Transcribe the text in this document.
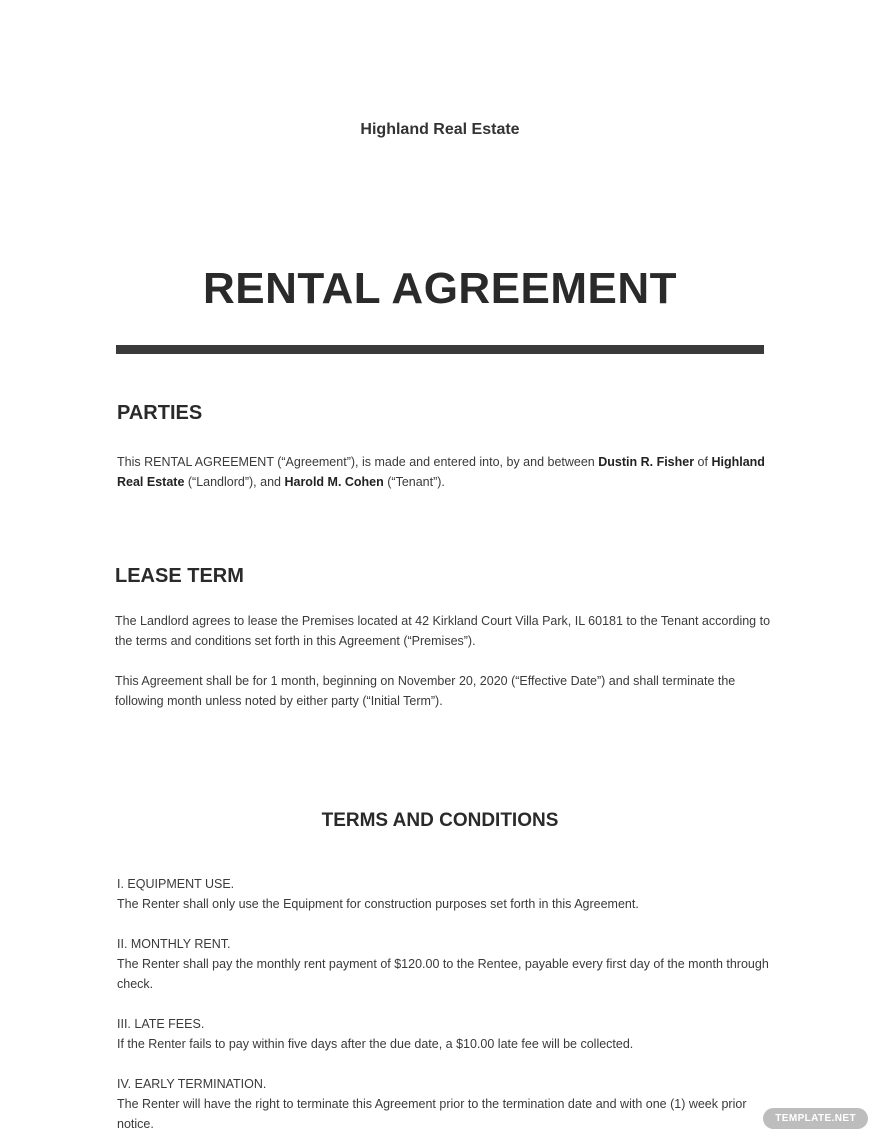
Highland Real Estate

RENTAL AGREEMENT
PARTIES

This RENTAL AGREEMENT (“Agreement”), is made and entered into, by and between Dustin R. Fisher of Highland Real Estate (“Landlord”), and Harold M. Cohen (“Tenant”).

LEASE TERM

The Landlord agrees to lease the Premises located at 42 Kirkland Court Villa Park, IL 60181 to the Tenant according to the terms and conditions set forth in this Agreement (“Premises”).

This Agreement shall be for 1 month, beginning on November 20, 2020 (“Effective Date”) and shall terminate the following month unless noted by either party (“Initial Term”).

TERMS AND CONDITIONS
I. EQUIPMENT USE.
The Renter shall only use the Equipment for construction purposes set forth in this Agreement.
II. MONTHLY RENT.
The Renter shall pay the monthly rent payment of $120.00 to the Rentee, payable every first day of the month through check.
III. LATE FEES.
If the Renter fails to pay within five days after the due date, a $10.00 late fee will be collected.
IV. EARLY TERMINATION.
The Renter will have the right to terminate this Agreement prior to the termination date and with one (1) week prior notice.	TEMPLATE.NET
